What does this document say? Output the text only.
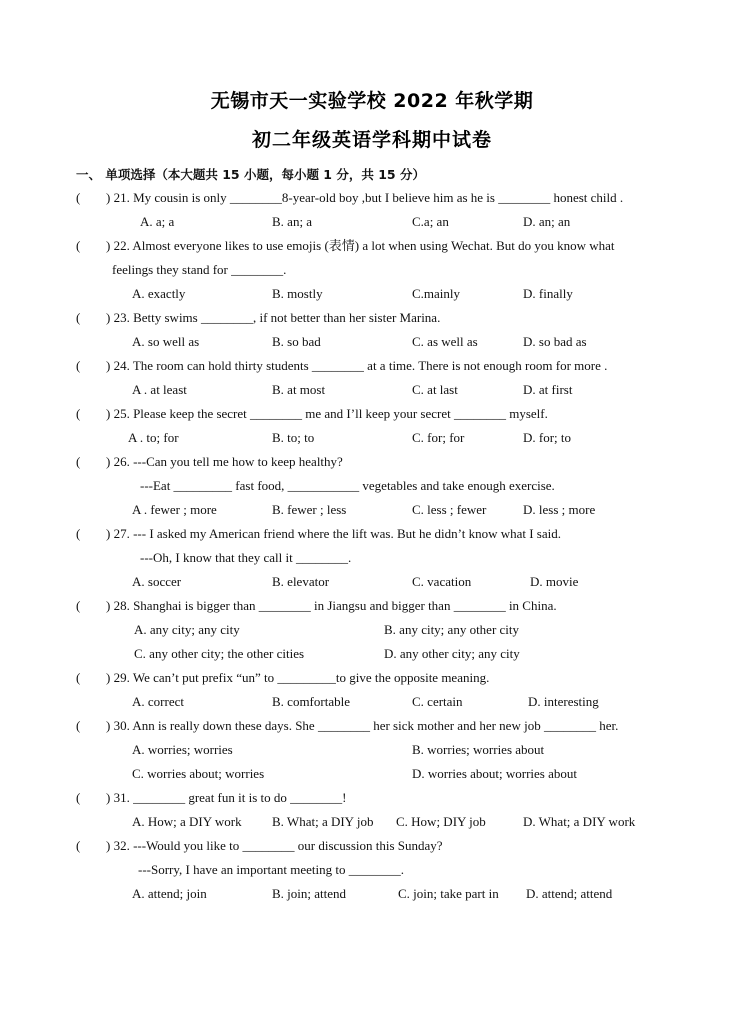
无锡市天一实验学校 2022 年秋学期
初二年级英语学科期中试卷
一、 单项选择（本大题共 15 小题，每小题 1 分，共 15 分）
( ) 21. My cousin is only ________8-year-old boy ,but I believe him as he is ________ honest child .
A. a; a	B. an; a	C.a; an	D. an; an
( ) 22. Almost everyone likes to use emojis (表情) a lot when using Wechat. But do you know what
feelings they stand for ________.
A. exactly	B. mostly	C.mainly	D. finally
( ) 23. Betty swims ________, if not better than her sister Marina.
A. so well as	B. so bad	C. as well as	D. so bad as
( ) 24. The room can hold thirty students ________ at a time. There is not enough room for more .
A . at least	B. at most	C. at last	D. at first
( ) 25. Please keep the secret ________ me and I’ll keep your secret ________ myself.
A . to; for	B. to; to	C. for; for	D. for; to
( ) 26. ---Can you tell me how to keep healthy?
---Eat _________ fast food, ___________ vegetables and take enough exercise.
A . fewer ; more	B. fewer ; less	C. less ; fewer	D. less ; more
( ) 27. --- I asked my American friend where the lift was. But he didn’t know what I said.
---Oh, I know that they call it ________.
A. soccer	B. elevator	C. vacation	D. movie
( ) 28. Shanghai is bigger than ________ in Jiangsu and bigger than ________ in China.
A. any city; any city	B. any city; any other city
C. any other city; the other cities	D. any other city; any city
( ) 29. We can’t put prefix “un” to _________to give the opposite meaning.
A. correct	B. comfortable	C. certain	D. interesting
( ) 30. Ann is really down these days. She ________ her sick mother and her new job ________ her.
A. worries; worries	B. worries; worries about
C. worries about; worries	D. worries about; worries about
( ) 31. ________ great fun it is to do ________!
A. How; a DIY work B. What; a DIY job C. How; DIY job	D. What; a DIY work
( ) 32. ---Would you like to ________ our discussion this Sunday?
---Sorry, I have an important meeting to ________.
A. attend; join	B. join; attend	C. join; take part in D. attend; attend
